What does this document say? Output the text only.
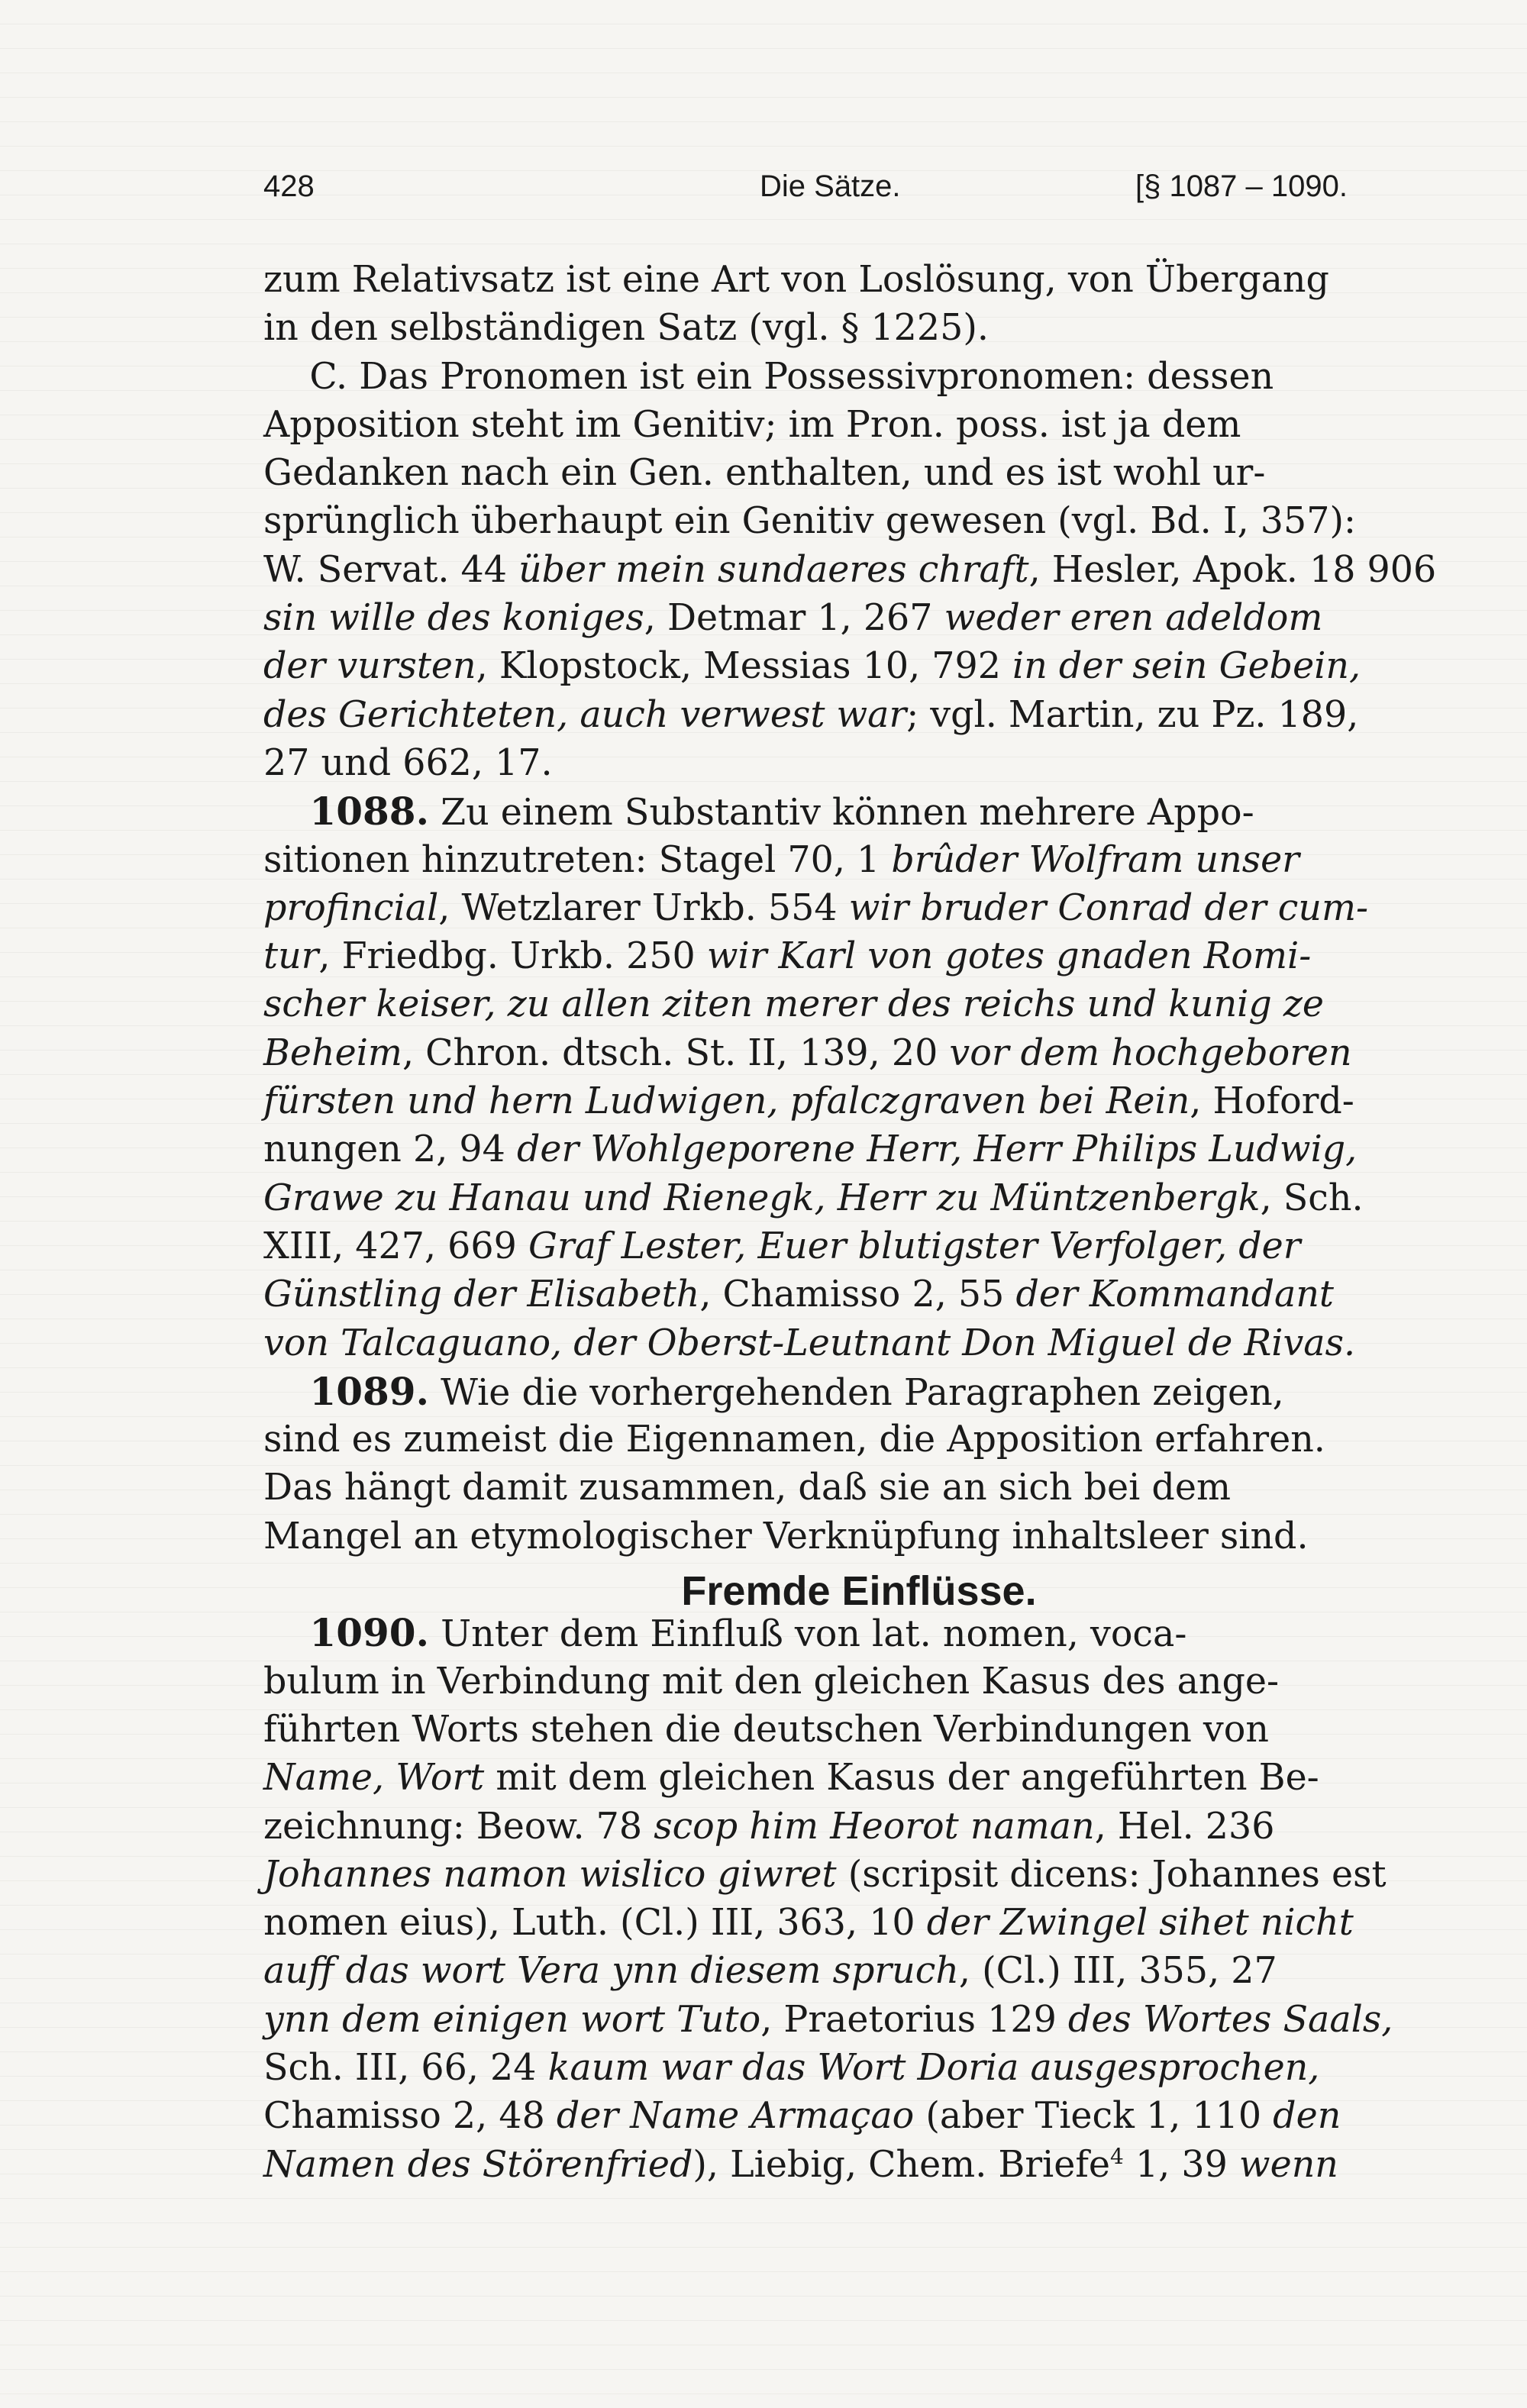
428	Die Sätze.	[§ 1087 – 1090.
zum Relativsatz ist eine Art von Loslösung, von Übergang
in den selbständigen Satz (vgl. § 1225).
C. Das Pronomen ist ein Possessivpronomen: dessen
Apposition steht im Genitiv; im Pron. poss. ist ja dem
Gedanken nach ein Gen. enthalten, und es ist wohl ur-
sprünglich überhaupt ein Genitiv gewesen (vgl. Bd. I, 357):
W. Servat. 44 über mein sundaeres chraft, Hesler, Apok. 18 906
sin wille des koniges, Detmar 1, 267 weder eren adeldom
der vursten, Klopstock, Messias 10, 792 in der sein Gebein,
des Gerichteten, auch verwest war; vgl. Martin, zu Pz. 189,
27 und 662, 17.
1088. Zu einem Substantiv können mehrere Appo-
sitionen hinzutreten: Stagel 70, 1 brûder Wolfram unser
profincial, Wetzlarer Urkb. 554 wir bruder Conrad der cum-
tur, Friedbg. Urkb. 250 wir Karl von gotes gnaden Romi-
scher keiser, zu allen ziten merer des reichs und kunig ze
Beheim, Chron. dtsch. St. II, 139, 20 vor dem hochgeboren
fürsten und hern Ludwigen, pfalczgraven bei Rein, Hoford-
nungen 2, 94 der Wohlgeporene Herr, Herr Philips Ludwig,
Grawe zu Hanau und Rienegk, Herr zu Müntzenbergk, Sch.
XIII, 427, 669 Graf Lester, Euer blutigster Verfolger, der
Günstling der Elisabeth, Chamisso 2, 55 der Kommandant
von Talcaguano, der Oberst-Leutnant Don Miguel de Rivas.
1089. Wie die vorhergehenden Paragraphen zeigen,
sind es zumeist die Eigennamen, die Apposition erfahren.
Das hängt damit zusammen, daß sie an sich bei dem
Mangel an etymologischer Verknüpfung inhaltsleer sind.
Fremde Einflüsse.
1090. Unter dem Einfluß von lat. nomen, voca-
bulum in Verbindung mit den gleichen Kasus des ange-
führten Worts stehen die deutschen Verbindungen von
Name, Wort mit dem gleichen Kasus der angeführten Be-
zeichnung: Beow. 78 scop him Heorot naman, Hel. 236
Johannes namon wislico giwret (scripsit dicens: Johannes est
nomen eius), Luth. (Cl.) III, 363, 10 der Zwingel sihet nicht
auff das wort Vera ynn diesem spruch, (Cl.) III, 355, 27
ynn dem einigen wort Tuto, Praetorius 129 des Wortes Saals,
Sch. III, 66, 24 kaum war das Wort Doria ausgesprochen,
Chamisso 2, 48 der Name Armaçao (aber Tieck 1, 110 den
Namen des Störenfried), Liebig, Chem. Briefe$^4$ 1, 39 wenn
